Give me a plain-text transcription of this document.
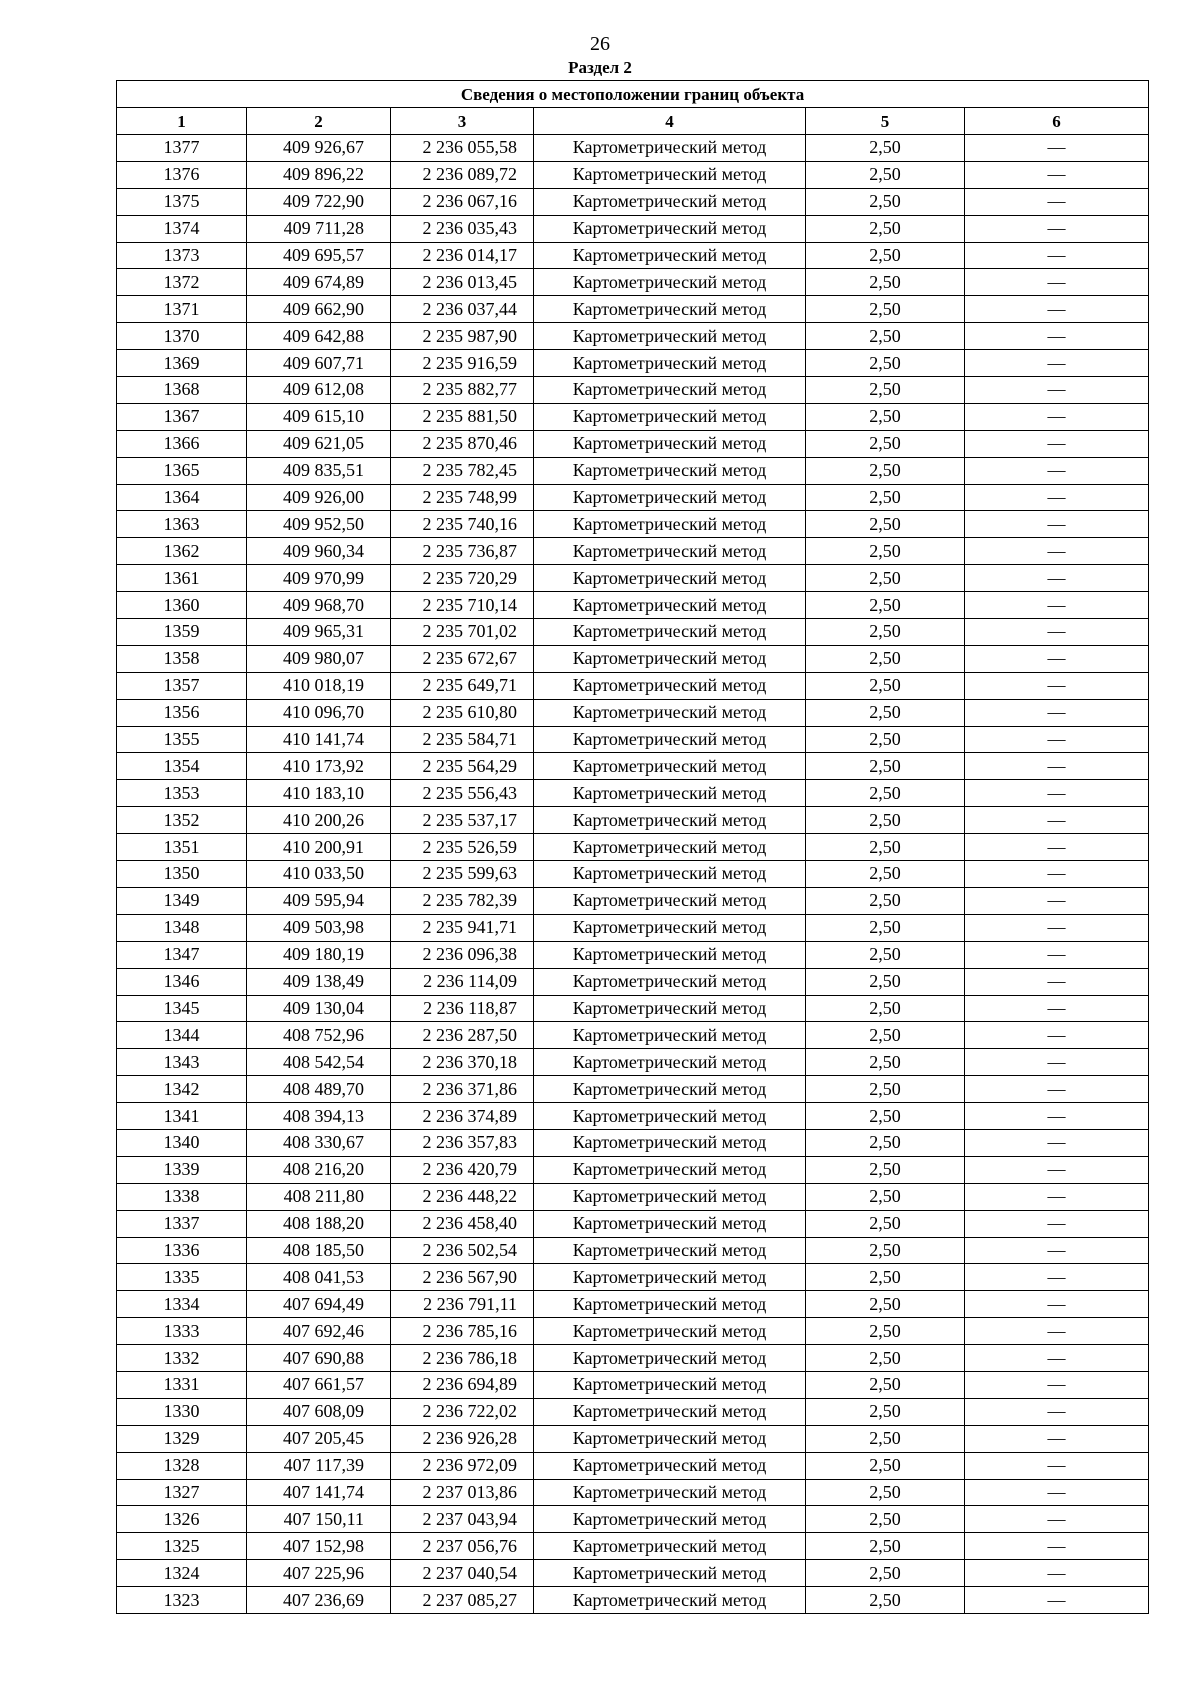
26
Раздел 2
Сведения о местоположении границ объекта					
1	2	3	4	5	6
1377	409 926,67	2 236 055,58	Картометрический метод	2,50	—
1376	409 896,22	2 236 089,72	Картометрический метод	2,50	—
1375	409 722,90	2 236 067,16	Картометрический метод	2,50	—
1374	409 711,28	2 236 035,43	Картометрический метод	2,50	—
1373	409 695,57	2 236 014,17	Картометрический метод	2,50	—
1372	409 674,89	2 236 013,45	Картометрический метод	2,50	—
1371	409 662,90	2 236 037,44	Картометрический метод	2,50	—
1370	409 642,88	2 235 987,90	Картометрический метод	2,50	—
1369	409 607,71	2 235 916,59	Картометрический метод	2,50	—
1368	409 612,08	2 235 882,77	Картометрический метод	2,50	—
1367	409 615,10	2 235 881,50	Картометрический метод	2,50	—
1366	409 621,05	2 235 870,46	Картометрический метод	2,50	—
1365	409 835,51	2 235 782,45	Картометрический метод	2,50	—
1364	409 926,00	2 235 748,99	Картометрический метод	2,50	—
1363	409 952,50	2 235 740,16	Картометрический метод	2,50	—
1362	409 960,34	2 235 736,87	Картометрический метод	2,50	—
1361	409 970,99	2 235 720,29	Картометрический метод	2,50	—
1360	409 968,70	2 235 710,14	Картометрический метод	2,50	—
1359	409 965,31	2 235 701,02	Картометрический метод	2,50	—
1358	409 980,07	2 235 672,67	Картометрический метод	2,50	—
1357	410 018,19	2 235 649,71	Картометрический метод	2,50	—
1356	410 096,70	2 235 610,80	Картометрический метод	2,50	—
1355	410 141,74	2 235 584,71	Картометрический метод	2,50	—
1354	410 173,92	2 235 564,29	Картометрический метод	2,50	—
1353	410 183,10	2 235 556,43	Картометрический метод	2,50	—
1352	410 200,26	2 235 537,17	Картометрический метод	2,50	—
1351	410 200,91	2 235 526,59	Картометрический метод	2,50	—
1350	410 033,50	2 235 599,63	Картометрический метод	2,50	—
1349	409 595,94	2 235 782,39	Картометрический метод	2,50	—
1348	409 503,98	2 235 941,71	Картометрический метод	2,50	—
1347	409 180,19	2 236 096,38	Картометрический метод	2,50	—
1346	409 138,49	2 236 114,09	Картометрический метод	2,50	—
1345	409 130,04	2 236 118,87	Картометрический метод	2,50	—
1344	408 752,96	2 236 287,50	Картометрический метод	2,50	—
1343	408 542,54	2 236 370,18	Картометрический метод	2,50	—
1342	408 489,70	2 236 371,86	Картометрический метод	2,50	—
1341	408 394,13	2 236 374,89	Картометрический метод	2,50	—
1340	408 330,67	2 236 357,83	Картометрический метод	2,50	—
1339	408 216,20	2 236 420,79	Картометрический метод	2,50	—
1338	408 211,80	2 236 448,22	Картометрический метод	2,50	—
1337	408 188,20	2 236 458,40	Картометрический метод	2,50	—
1336	408 185,50	2 236 502,54	Картометрический метод	2,50	—
1335	408 041,53	2 236 567,90	Картометрический метод	2,50	—
1334	407 694,49	2 236 791,11	Картометрический метод	2,50	—
1333	407 692,46	2 236 785,16	Картометрический метод	2,50	—
1332	407 690,88	2 236 786,18	Картометрический метод	2,50	—
1331	407 661,57	2 236 694,89	Картометрический метод	2,50	—
1330	407 608,09	2 236 722,02	Картометрический метод	2,50	—
1329	407 205,45	2 236 926,28	Картометрический метод	2,50	—
1328	407 117,39	2 236 972,09	Картометрический метод	2,50	—
1327	407 141,74	2 237 013,86	Картометрический метод	2,50	—
1326	407 150,11	2 237 043,94	Картометрический метод	2,50	—
1325	407 152,98	2 237 056,76	Картометрический метод	2,50	—
1324	407 225,96	2 237 040,54	Картометрический метод	2,50	—
1323	407 236,69	2 237 085,27	Картометрический метод	2,50	—
